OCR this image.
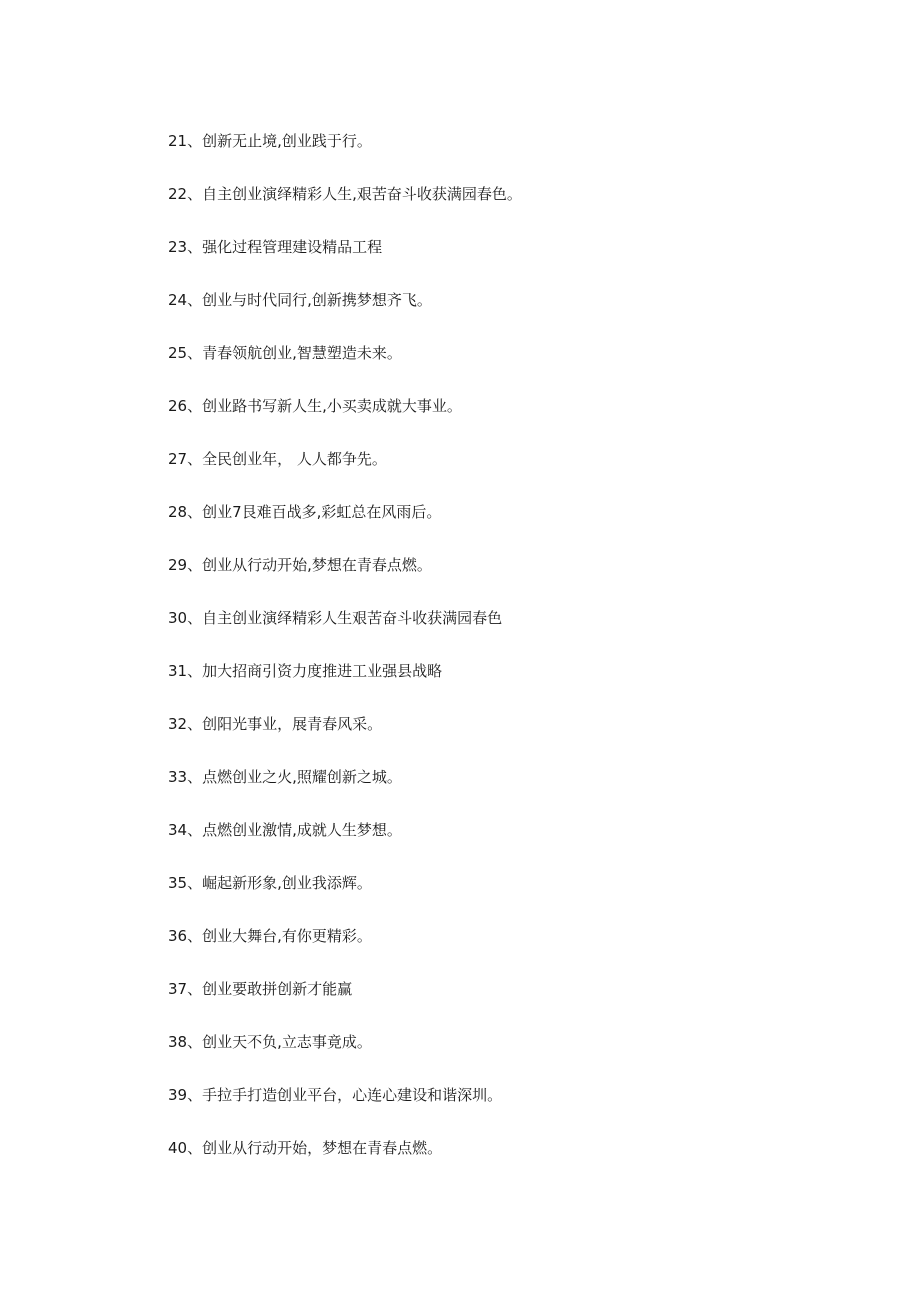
21、创新无止境,创业践于行。
22、自主创业演绎精彩人生,艰苦奋斗收获满园春色。
23、强化过程管理建设精品工程
24、创业与时代同行,创新携梦想齐飞。
25、青春领航创业,智慧塑造未来。
26、创业路书写新人生,小买卖成就大事业。
27、全民创业年， 人人都争先。
28、创业7艮难百战多,彩虹总在风雨后。
29、创业从行动开始,梦想在青春点燃。
30、自主创业演绎精彩人生艰苦奋斗收获满园春色
31、加大招商引资力度推进工业强县战略
32、创阳光事业，展青春风采。
33、点燃创业之火,照耀创新之城。
34、点燃创业激情,成就人生梦想。
35、崛起新形象,创业我添辉。
36、创业大舞台,有你更精彩。
37、创业要敢拼创新才能赢
38、创业天不负,立志事竟成。
39、手拉手打造创业平台，心连心建设和谐深圳。
40、创业从行动开始，梦想在青春点燃。
